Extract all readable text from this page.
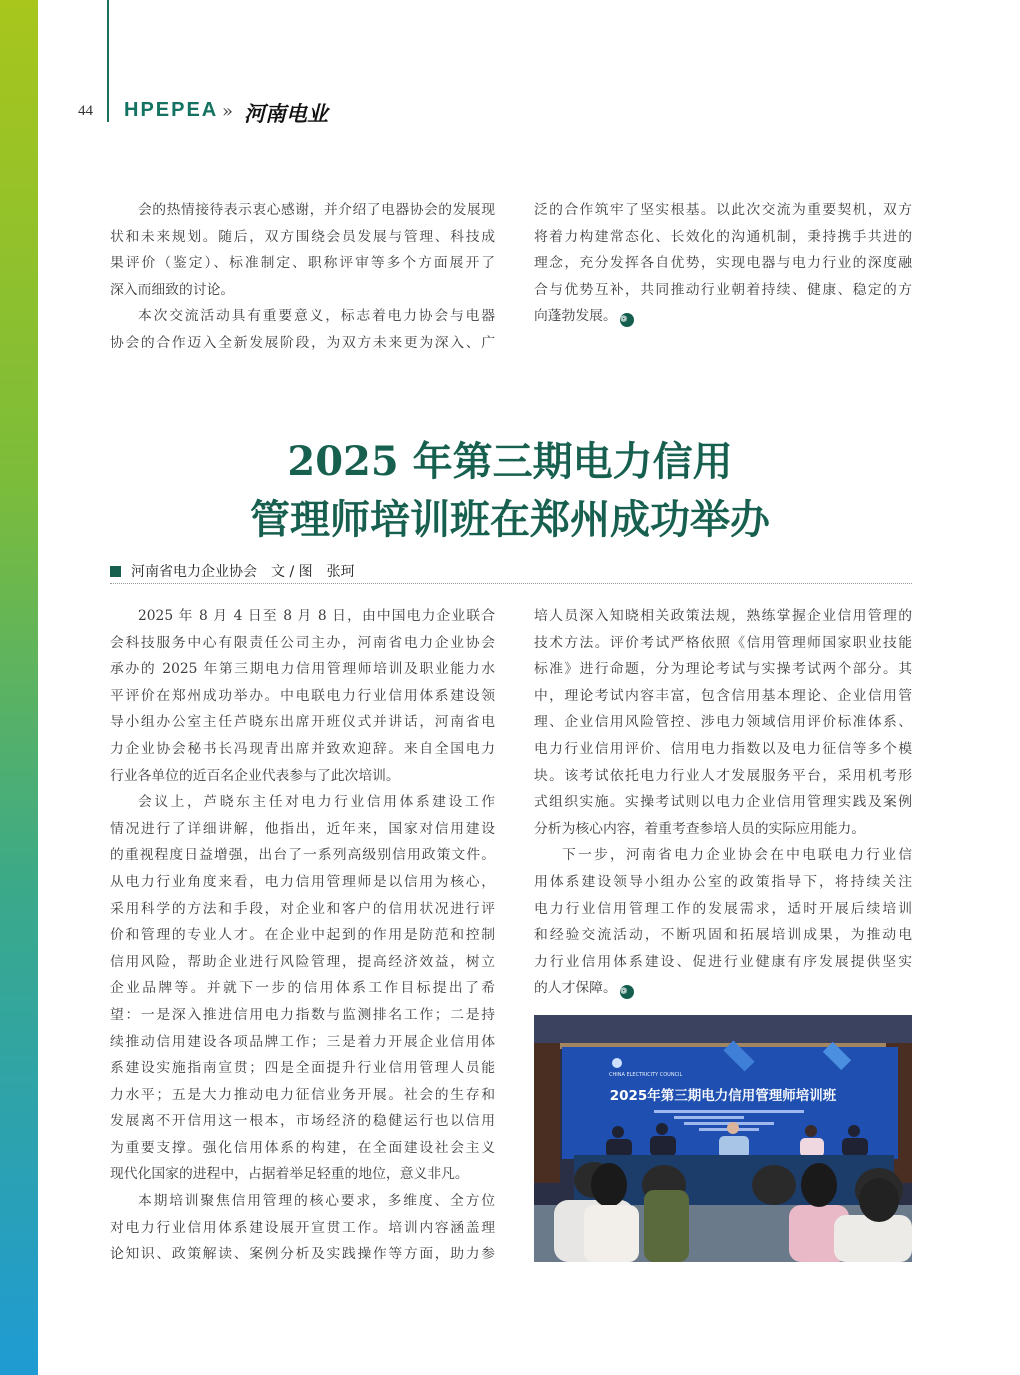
44 HPEPEA » 河南电业
会的热情接待表示衷心感谢，并介绍了电器协会的发展现
状和未来规划。随后，双方围绕会员发展与管理、科技成
果评价（鉴定）、标准制定、职称评审等多个方面展开了
深入而细致的讨论。
本次交流活动具有重要意义，标志着电力协会与电器
协会的合作迈入全新发展阶段，为双方未来更为深入、广
泛的合作筑牢了坚实根基。以此次交流为重要契机，双方
将着力构建常态化、长效化的沟通机制，秉持携手共进的
理念，充分发挥各自优势，实现电器与电力行业的深度融
合与优势互补，共同推动行业朝着持续、健康、稳定的方
向蓬勃发展。 ❁
2025 年第三期电力信用
管理师培训班在郑州成功举办
河南省电力企业协会 文 / 图 张珂
2025 年 8 月 4 日至 8 月 8 日，由中国电力企业联合
会科技服务中心有限责任公司主办，河南省电力企业协会
承办的 2025 年第三期电力信用管理师培训及职业能力水
平评价在郑州成功举办。中电联电力行业信用体系建设领
导小组办公室主任芦晓东出席开班仪式并讲话，河南省电
力企业协会秘书长冯现青出席并致欢迎辞。来自全国电力
行业各单位的近百名企业代表参与了此次培训。
会议上，芦晓东主任对电力行业信用体系建设工作
情况进行了详细讲解，他指出，近年来，国家对信用建设
的重视程度日益增强，出台了一系列高级别信用政策文件。
从电力行业角度来看，电力信用管理师是以信用为核心，
采用科学的方法和手段，对企业和客户的信用状况进行评
价和管理的专业人才。在企业中起到的作用是防范和控制
信用风险，帮助企业进行风险管理，提高经济效益，树立
企业品牌等。并就下一步的信用体系工作目标提出了希
望：一是深入推进信用电力指数与监测排名工作；二是持
续推动信用建设各项品牌工作；三是着力开展企业信用体
系建设实施指南宣贯；四是全面提升行业信用管理人员能
力水平；五是大力推动电力征信业务开展。社会的生存和
发展离不开信用这一根本，市场经济的稳健运行也以信用
为重要支撑。强化信用体系的构建，在全面建设社会主义
现代化国家的进程中，占据着举足轻重的地位，意义非凡。
本期培训聚焦信用管理的核心要求，多维度、全方位
对电力行业信用体系建设展开宣贯工作。培训内容涵盖理
论知识、政策解读、案例分析及实践操作等方面，助力参
培人员深入知晓相关政策法规，熟练掌握企业信用管理的
技术方法。评价考试严格依照《信用管理师国家职业技能
标准》进行命题，分为理论考试与实操考试两个部分。其
中，理论考试内容丰富，包含信用基本理论、企业信用管
理、企业信用风险管控、涉电力领域信用评价标准体系、
电力行业信用评价、信用电力指数以及电力征信等多个模
块。该考试依托电力行业人才发展服务平台，采用机考形
式组织实施。实操考试则以电力企业信用管理实践及案例
分析为核心内容，着重考查参培人员的实际应用能力。
下一步，河南省电力企业协会在中电联电力行业信
用体系建设领导小组办公室的政策指导下，将持续关注
电力行业信用管理工作的发展需求，适时开展后续培训
和经验交流活动，不断巩固和拓展培训成果，为推动电
力行业信用体系建设、促进行业健康有序发展提供坚实
的人才保障。 ❁
CHINA ELECTRICITY COUNCIL
2025年第三期电力信用管理师培训班
